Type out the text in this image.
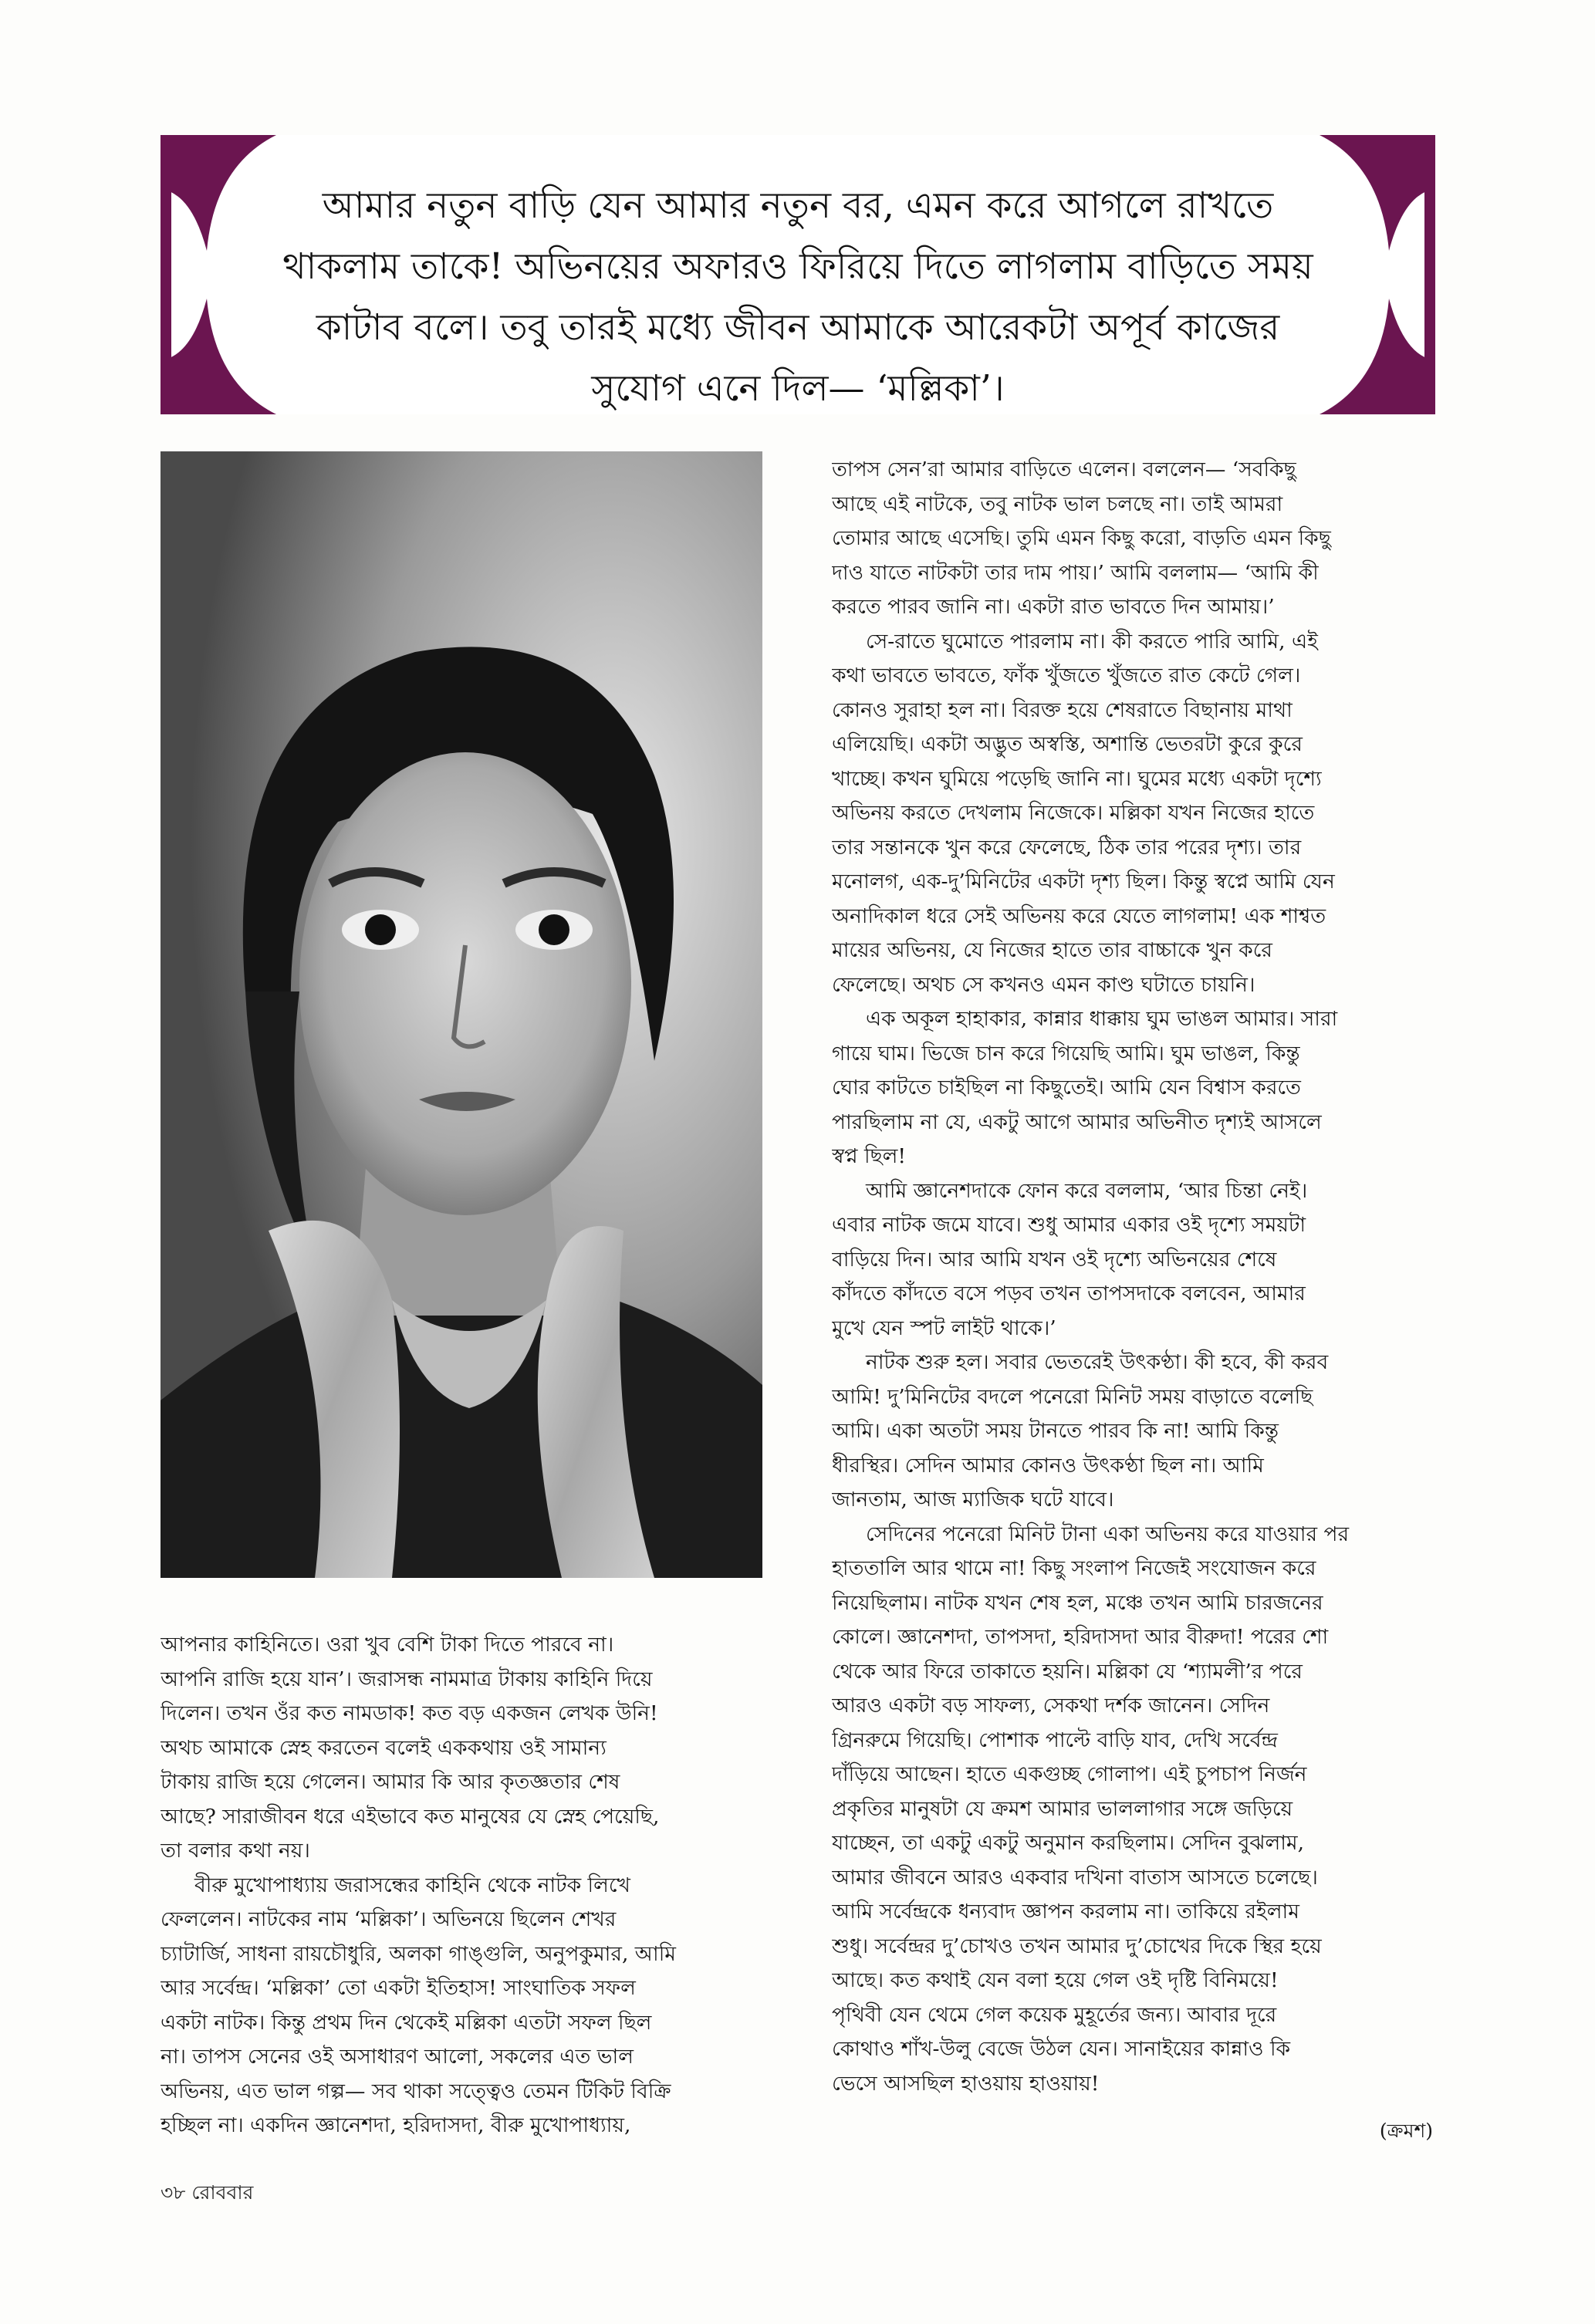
আমার নতুন বাড়ি যেন আমার নতুন বর, এমন করে আগলে রাখতে
থাকলাম তাকে! অভিনয়ের অফারও ফিরিয়ে দিতে লাগলাম বাড়িতে সময়
কাটাব বলে। তবু তারই মধ্যে জীবন আমাকে আরেকটা অপূর্ব কাজের
সুযোগ এনে দিল— ‘মল্লিকা’।
আপনার কাহিনিতে। ওরা খুব বেশি টাকা দিতে পারবে না।
আপনি রাজি হয়ে যান’। জরাসন্ধ নামমাত্র টাকায় কাহিনি দিয়ে
দিলেন। তখন ওঁর কত নামডাক! কত বড় একজন লেখক উনি!
অথচ আমাকে স্নেহ করতেন বলেই এককথায় ওই সামান্য
টাকায় রাজি হয়ে গেলেন। আমার কি আর কৃতজ্ঞতার শেষ
আছে? সারাজীবন ধরে এইভাবে কত মানুষের যে স্নেহ পেয়েছি,
তা বলার কথা নয়।
বীরু মুখোপাধ্যায় জরাসন্ধের কাহিনি থেকে নাটক লিখে
ফেললেন। নাটকের নাম ‘মল্লিকা’। অভিনয়ে ছিলেন শেখর
চ্যাটার্জি, সাধনা রায়চৌধুরি, অলকা গাঙ্গুলি, অনুপকুমার, আমি
আর সর্বেন্দ্র। ‘মল্লিকা’ তো একটা ইতিহাস! সাংঘাতিক সফল
একটা নাটক। কিন্তু প্রথম দিন থেকেই মল্লিকা এতটা সফল ছিল
না। তাপস সেনের ওই অসাধারণ আলো, সকলের এত ভাল
অভিনয়, এত ভাল গল্প— সব থাকা সত্ত্বেও তেমন টিকিট বিক্রি
হচ্ছিল না। একদিন জ্ঞানেশদা, হরিদাসদা, বীরু মুখোপাধ্যায়,
তাপস সেন’রা আমার বাড়িতে এলেন। বললেন— ‘সবকিছু
আছে এই নাটকে, তবু নাটক ভাল চলছে না। তাই আমরা
তোমার আছে এসেছি। তুমি এমন কিছু করো, বাড়তি এমন কিছু
দাও যাতে নাটকটা তার দাম পায়।’ আমি বললাম— ‘আমি কী
করতে পারব জানি না। একটা রাত ভাবতে দিন আমায়।’
সে-রাতে ঘুমোতে পারলাম না। কী করতে পারি আমি, এই
কথা ভাবতে ভাবতে, ফাঁক খুঁজতে খুঁজতে রাত কেটে গেল।
কোনও সুরাহা হল না। বিরক্ত হয়ে শেষরাতে বিছানায় মাথা
এলিয়েছি। একটা অদ্ভুত অস্বস্তি, অশান্তি ভেতরটা কুরে কুরে
খাচ্ছে। কখন ঘুমিয়ে পড়েছি জানি না। ঘুমের মধ্যে একটা দৃশ্যে
অভিনয় করতে দেখলাম নিজেকে। মল্লিকা যখন নিজের হাতে
তার সন্তানকে খুন করে ফেলেছে, ঠিক তার পরের দৃশ্য। তার
মনোলগ, এক-দু’মিনিটের একটা দৃশ্য ছিল। কিন্তু স্বপ্নে আমি যেন
অনাদিকাল ধরে সেই অভিনয় করে যেতে লাগলাম! এক শাশ্বত
মায়ের অভিনয়, যে নিজের হাতে তার বাচ্চাকে খুন করে
ফেলেছে। অথচ সে কখনও এমন কাণ্ড ঘটাতে চায়নি।
এক অকূল হাহাকার, কান্নার ধাক্কায় ঘুম ভাঙল আমার। সারা
গায়ে ঘাম। ভিজে চান করে গিয়েছি আমি। ঘুম ভাঙল, কিন্তু
ঘোর কাটতে চাইছিল না কিছুতেই। আমি যেন বিশ্বাস করতে
পারছিলাম না যে, একটু আগে আমার অভিনীত দৃশ্যই আসলে
স্বপ্ন ছিল!
আমি জ্ঞানেশদাকে ফোন করে বললাম, ‘আর চিন্তা নেই।
এবার নাটক জমে যাবে। শুধু আমার একার ওই দৃশ্যে সময়টা
বাড়িয়ে দিন। আর আমি যখন ওই দৃশ্যে অভিনয়ের শেষে
কাঁদতে কাঁদতে বসে পড়ব তখন তাপসদাকে বলবেন, আমার
মুখে যেন স্পট লাইট থাকে।’
নাটক শুরু হল। সবার ভেতরেই উৎকণ্ঠা। কী হবে, কী করব
আমি! দু’মিনিটের বদলে পনেরো মিনিট সময় বাড়াতে বলেছি
আমি। একা অতটা সময় টানতে পারব কি না! আমি কিন্তু
ধীরস্থির। সেদিন আমার কোনও উৎকণ্ঠা ছিল না। আমি
জানতাম, আজ ম্যাজিক ঘটে যাবে।
সেদিনের পনেরো মিনিট টানা একা অভিনয় করে যাওয়ার পর
হাততালি আর থামে না! কিছু সংলাপ নিজেই সংযোজন করে
নিয়েছিলাম। নাটক যখন শেষ হল, মঞ্চে তখন আমি চারজনের
কোলে। জ্ঞানেশদা, তাপসদা, হরিদাসদা আর বীরুদা! পরের শো
থেকে আর ফিরে তাকাতে হয়নি। মল্লিকা যে ‘শ্যামলী’র পরে
আরও একটা বড় সাফল্য, সেকথা দর্শক জানেন। সেদিন
গ্রিনরুমে গিয়েছি। পোশাক পাল্টে বাড়ি যাব, দেখি সর্বেন্দ্র
দাঁড়িয়ে আছেন। হাতে একগুচ্ছ গোলাপ। এই চুপচাপ নির্জন
প্রকৃতির মানুষটা যে ক্রমশ আমার ভাললাগার সঙ্গে জড়িয়ে
যাচ্ছেন, তা একটু একটু অনুমান করছিলাম। সেদিন বুঝলাম,
আমার জীবনে আরও একবার দখিনা বাতাস আসতে চলেছে।
আমি সর্বেন্দ্রকে ধন্যবাদ জ্ঞাপন করলাম না। তাকিয়ে রইলাম
শুধু। সর্বেন্দ্রর দু’চোখও তখন আমার দু’চোখের দিকে স্থির হয়ে
আছে। কত কথাই যেন বলা হয়ে গেল ওই দৃষ্টি বিনিময়ে!
পৃথিবী যেন থেমে গেল কয়েক মুহূর্তের জন্য। আবার দূরে
কোথাও শাঁখ-উলু বেজে উঠল যেন। সানাইয়ের কান্নাও কি
ভেসে আসছিল হাওয়ায় হাওয়ায়!
(ক্রমশ)
৩৮ রোববার
